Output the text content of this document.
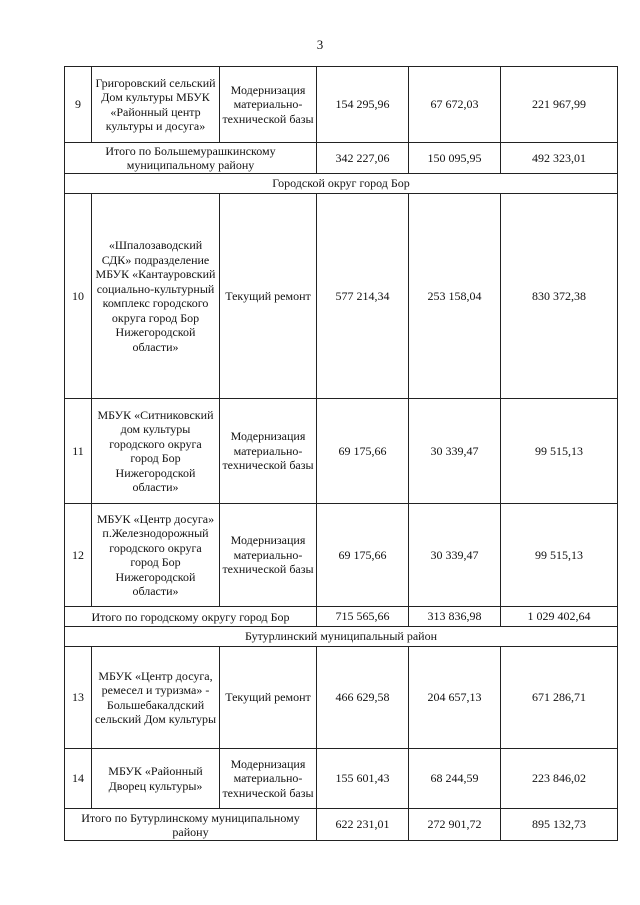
3
9	Григоровский сельский Дом культуры МБУК «Районный центр культуры и досуга»	Модернизация материально-технической базы	154 295,96	67 672,03	221 967,99
Итого по Большемурашкинскому муниципальному району			342 227,06	150 095,95	492 323,01
Городской округ город Бор					
10	«Шпалозаводский СДК» подразделение МБУК «Кантауровский социально-культурный комплекс городского округа город Бор Нижегородской области»	Текущий ремонт	577 214,34	253 158,04	830 372,38
11	МБУК «Ситниковский дом культуры городского округа город Бор Нижегородской области»	Модернизация материально-технической базы	69 175,66	30 339,47	99 515,13
12	МБУК «Центр досуга» п.Железнодорожный городского округа город Бор Нижегородской области»	Модернизация материально-технической базы	69 175,66	30 339,47	99 515,13
Итого по городскому округу город Бор			715 565,66	313 836,98	1 029 402,64
Бутурлинский муниципальный район					
13	МБУК «Центр досуга, ремесел и туризма» - Большебакалдский сельский Дом культуры	Текущий ремонт	466 629,58	204 657,13	671 286,71
14	МБУК «Районный Дворец культуры»	Модернизация материально-технической базы	155 601,43	68 244,59	223 846,02
Итого по Бутурлинскому муниципальному району			622 231,01	272 901,72	895 132,73
